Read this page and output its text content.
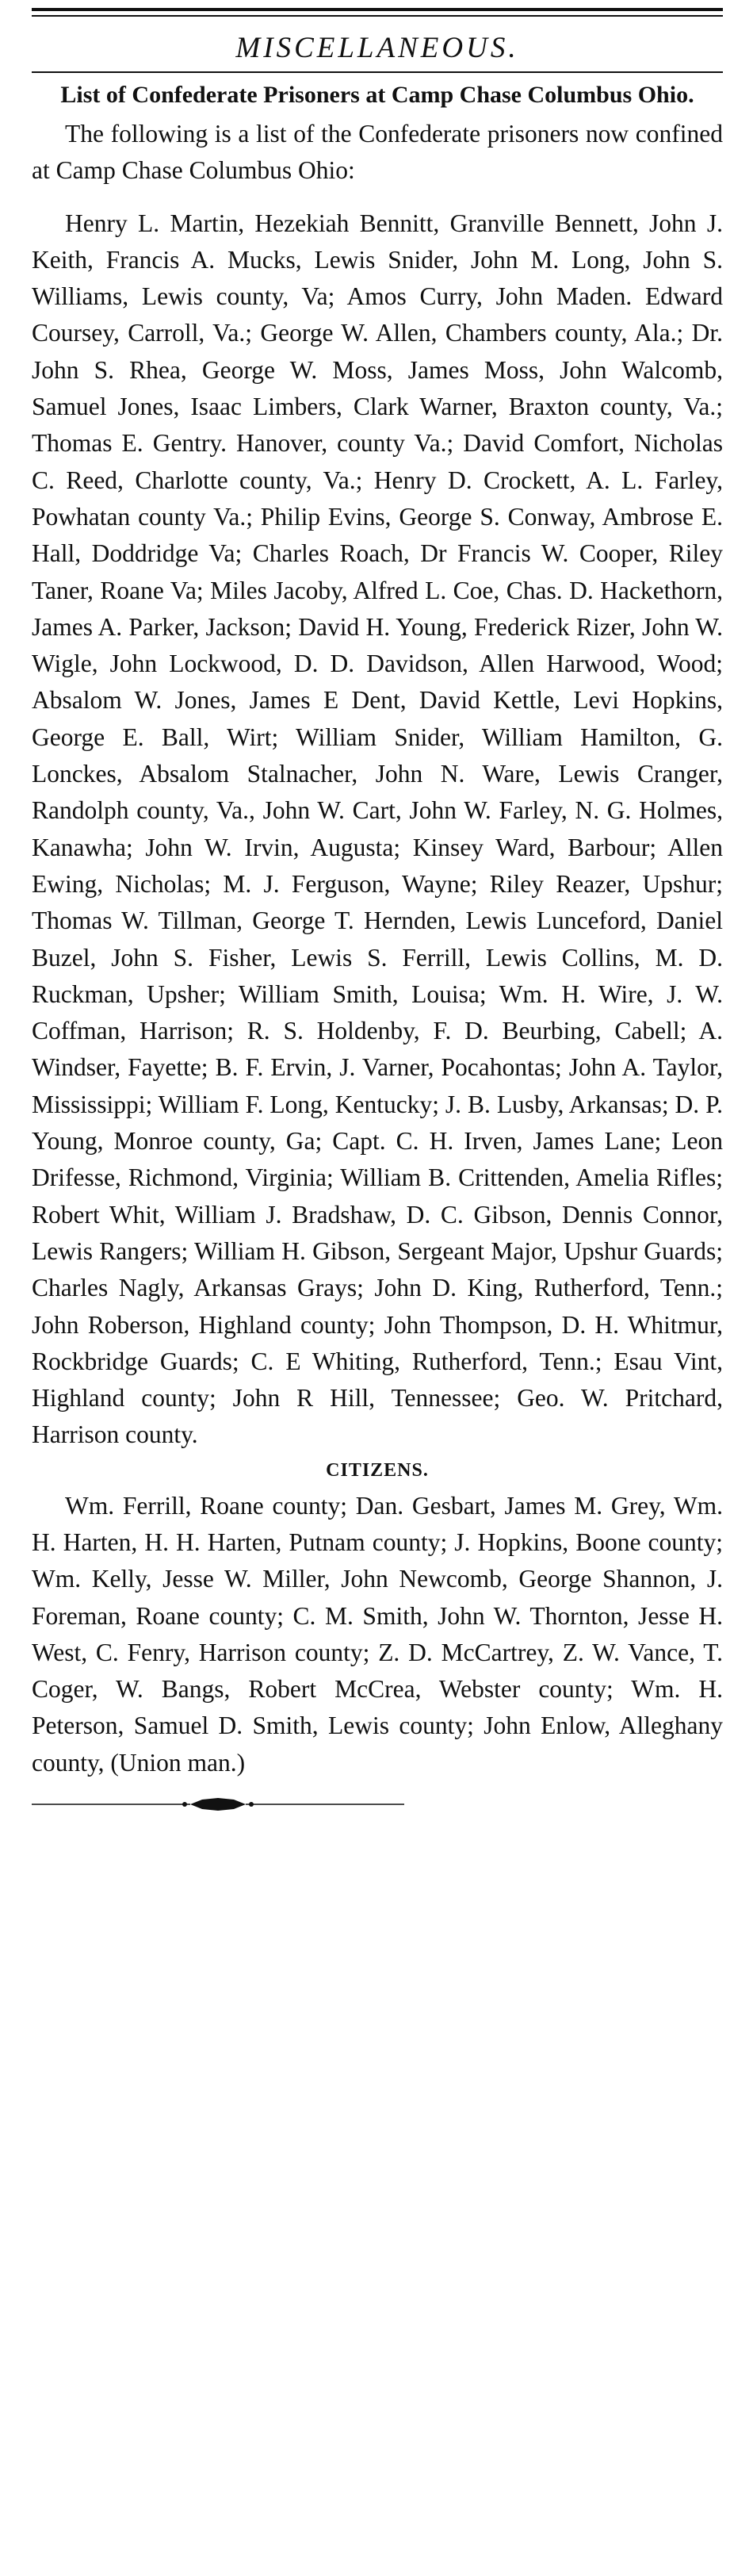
MISCELLANEOUS.
List of Confederate Prisoners at Camp Chase Columbus Ohio.

The following is a list of the Confederate prisoners now confined at Camp Chase Columbus Ohio:

Henry L. Martin, Hezekiah Bennitt, Granville Bennett, John J. Keith, Francis A. Mucks, Lewis Snider, John M. Long, John S. Williams, Lewis county, Va; Amos Curry, John Maden. Edward Coursey, Carroll, Va.; George W. Allen, Chambers county, Ala.; Dr. John S. Rhea, George W. Moss, James Moss, John Walcomb, Samuel Jones, Isaac Limbers, Clark Warner, Braxton county, Va.; Thomas E. Gentry. Hanover, county Va.; David Comfort, Nicholas C. Reed, Charlotte county, Va.; Henry D. Crockett, A. L. Farley, Powhatan county Va.; Philip Evins, George S. Conway, Ambrose E. Hall, Doddridge Va; Charles Roach, Dr Francis W. Cooper, Riley Taner, Roane Va; Miles Jacoby, Alfred L. Coe, Chas. D. Hackethorn, James A. Parker, Jackson; David H. Young, Frederick Rizer, John W. Wigle, John Lockwood, D. D. Davidson, Allen Harwood, Wood; Absalom W. Jones, James E Dent, David Kettle, Levi Hopkins, George E. Ball, Wirt; William Snider, William Hamilton, G. Lonckes, Absalom Stalnacher, John N. Ware, Lewis Cranger, Randolph county, Va., John W. Cart, John W. Farley, N. G. Holmes, Kanawha; John W. Irvin, Augusta; Kinsey Ward, Barbour; Allen Ewing, Nicholas; M. J. Ferguson, Wayne; Riley Reazer, Upshur; Thomas W. Tillman, George T. Hernden, Lewis Lunceford, Daniel Buzel, John S. Fisher, Lewis S. Ferrill, Lewis Collins, M. D. Ruckman, Upsher; William Smith, Louisa; Wm. H. Wire, J. W. Coffman, Harrison; R. S. Holdenby, F. D. Beurbing, Cabell; A. Windser, Fayette; B. F. Ervin, J. Varner, Pocahontas; John A. Taylor, Mississippi; William F. Long, Kentucky; J. B. Lusby, Arkansas; D. P. Young, Monroe county, Ga; Capt. C. H. Irven, James Lane; Leon Drifesse, Richmond, Virginia; William B. Crittenden, Amelia Rifles; Robert Whit, William J. Bradshaw, D. C. Gibson, Dennis Connor, Lewis Rangers; William H. Gibson, Sergeant Major, Upshur Guards; Charles Nagly, Arkansas Grays; John D. King, Rutherford, Tenn.; John Roberson, Highland county; John Thompson, D. H. Whitmur, Rockbridge Guards; C. E Whiting, Rutherford, Tenn.; Esau Vint, Highland county; John R Hill, Tennessee; Geo. W. Pritchard, Harrison county.

CITIZENS.

Wm. Ferrill, Roane county; Dan. Gesbart, James M. Grey, Wm. H. Harten, H. H. Harten, Putnam county; J. Hopkins, Boone county; Wm. Kelly, Jesse W. Miller, John Newcomb, George Shannon, J. Foreman, Roane county; C. M. Smith, John W. Thornton, Jesse H. West, C. Fenry, Harrison county; Z. D. McCartrey, Z. W. Vance, T. Coger, W. Bangs, Robert McCrea, Webster county; Wm. H. Peterson, Samuel D. Smith, Lewis county; John Enlow, Alleghany county, (Union man.)
